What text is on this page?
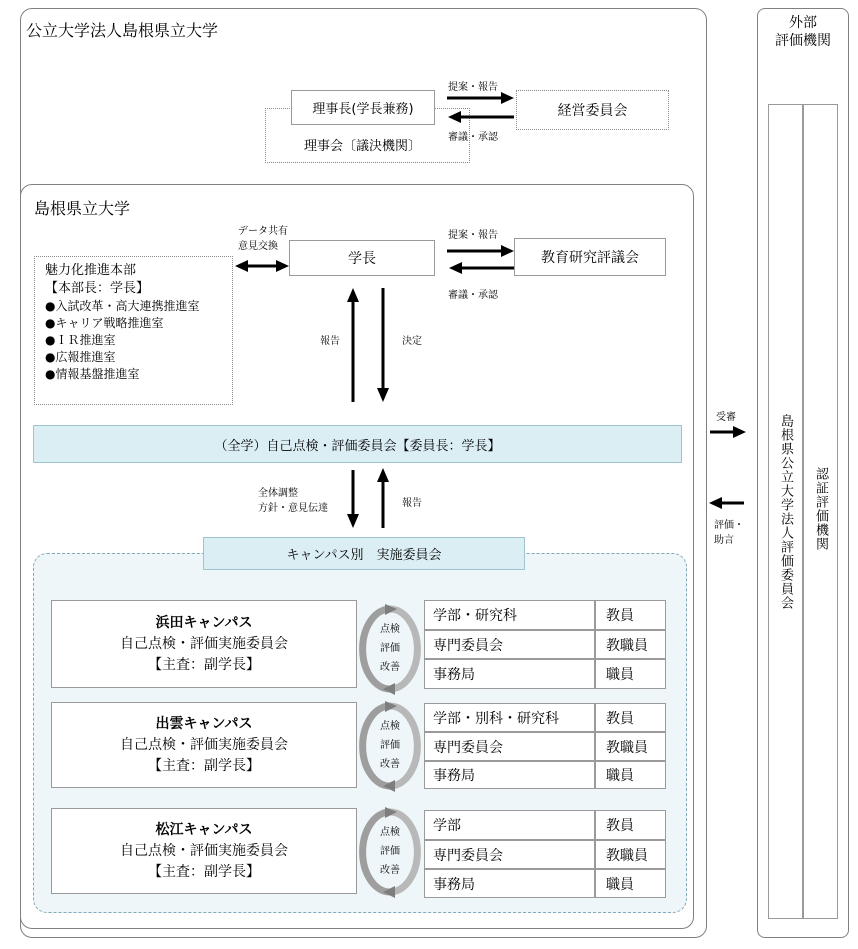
公立大学法人島根県立大学	外部
評価機関
島根県公立大学法人評価委員会 認証評価機関
理事会〔議決機関〕
理事長(学長兼務)	経営委員会
提案・報告
審議・承認
島根県立大学
学長	教育研究評議会
提案・報告
審議・承認
データ共有
意見交換
魅力化推進本部
【本部長：学長】
●入試改革・高大連携推進室
●キャリア戦略推進室
●ＩＲ推進室
●広報推進室
●情報基盤推進室
報告	決定
（全学）自己点検・評価委員会【委員長：学長】
全体調整
方針・意見伝達	報告
受審
評価・
助言
キャンパス別　実施委員会
浜田キャンパス
自己点検・評価実施委員会
【主査：副学長】
学部・研究科	教員
専門委員会	教職員
事務局	職員
出雲キャンパス
自己点検・評価実施委員会
【主査：副学長】
学部・別科・研究科	教員
専門委員会	教職員
事務局	職員
松江キャンパス
自己点検・評価実施委員会
【主査：副学長】
学部	教員
専門委員会	教職員
事務局	職員
点検
評価
改善
点検
評価
改善
点検
評価
改善
